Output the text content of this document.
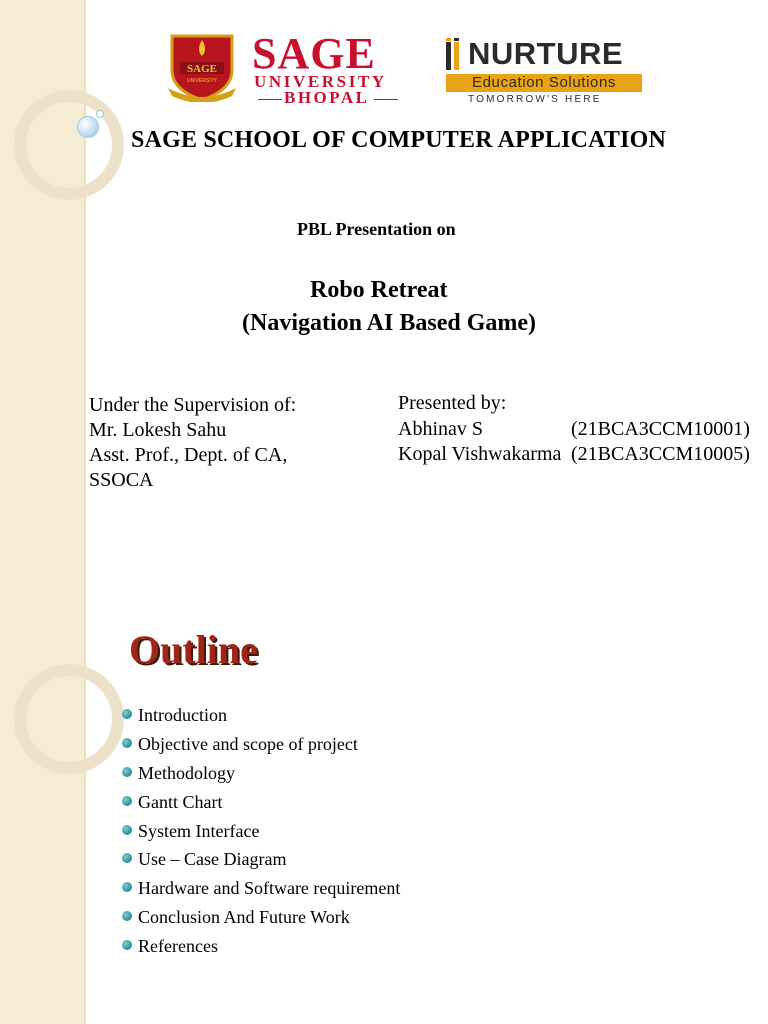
SAGE
UNIVERSITY
SAGE
UNIVERSITY
BHOPAL
NURTURE
Education Solutions
TOMORROW'S HERE
SAGE SCHOOL OF COMPUTER APPLICATION
PBL Presentation on
Robo Retreat
(Navigation AI Based Game)
Under the Supervision of:
Mr. Lokesh Sahu
Asst. Prof., Dept. of CA,
SSOCA
Presented by:
Abhinav S	(21BCA3CCM10001)
Kopal Vishwakarma (21BCA3CCM10005)
Outline
Introduction
Objective and scope of project
Methodology
Gantt Chart
System Interface
Use – Case Diagram
Hardware and Software requirement
Conclusion And Future Work
References
